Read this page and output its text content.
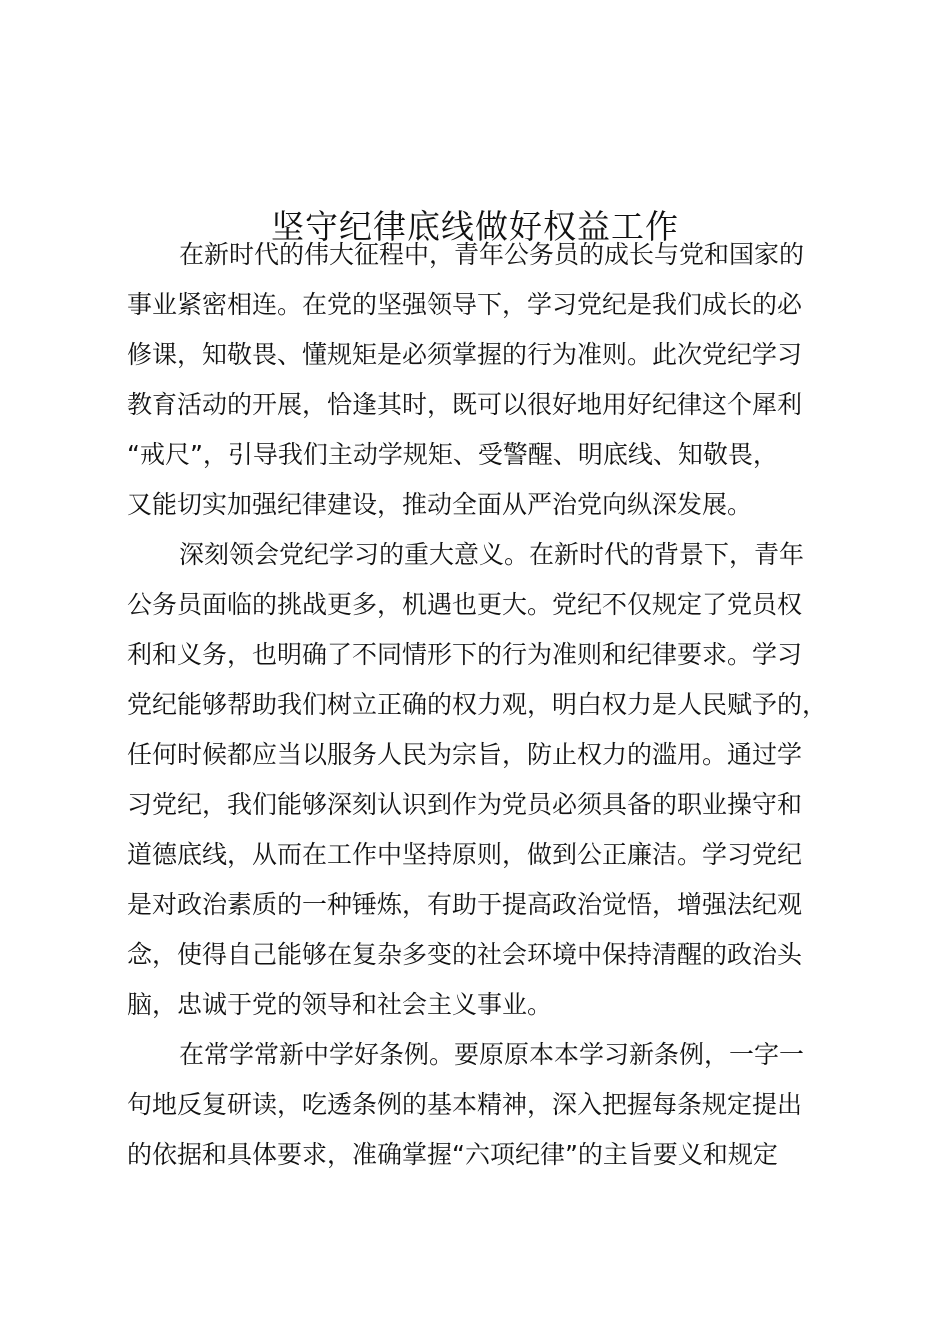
坚守纪律底线做好权益工作
在新时代的伟大征程中，青年公务员的成长与党和国家的
事业紧密相连。在党的坚强领导下，学习党纪是我们成长的必
修课，知敬畏、懂规矩是必须掌握的行为准则。此次党纪学习
教育活动的开展，恰逢其时，既可以很好地用好纪律这个犀利
“戒尺”，引导我们主动学规矩、受警醒、明底线、知敬畏，
又能切实加强纪律建设，推动全面从严治党向纵深发展。
深刻领会党纪学习的重大意义。在新时代的背景下，青年
公务员面临的挑战更多，机遇也更大。党纪不仅规定了党员权
利和义务，也明确了不同情形下的行为准则和纪律要求。学习
党纪能够帮助我们树立正确的权力观，明白权力是人民赋予的，
任何时候都应当以服务人民为宗旨，防止权力的滥用。通过学
习党纪，我们能够深刻认识到作为党员必须具备的职业操守和
道德底线，从而在工作中坚持原则，做到公正廉洁。学习党纪
是对政治素质的一种锤炼，有助于提高政治觉悟，增强法纪观
念，使得自己能够在复杂多变的社会环境中保持清醒的政治头
脑，忠诚于党的领导和社会主义事业。
在常学常新中学好条例。要原原本本学习新条例，一字一
句地反复研读，吃透条例的基本精神，深入把握每条规定提出
的依据和具体要求，准确掌握“六项纪律”的主旨要义和规定
